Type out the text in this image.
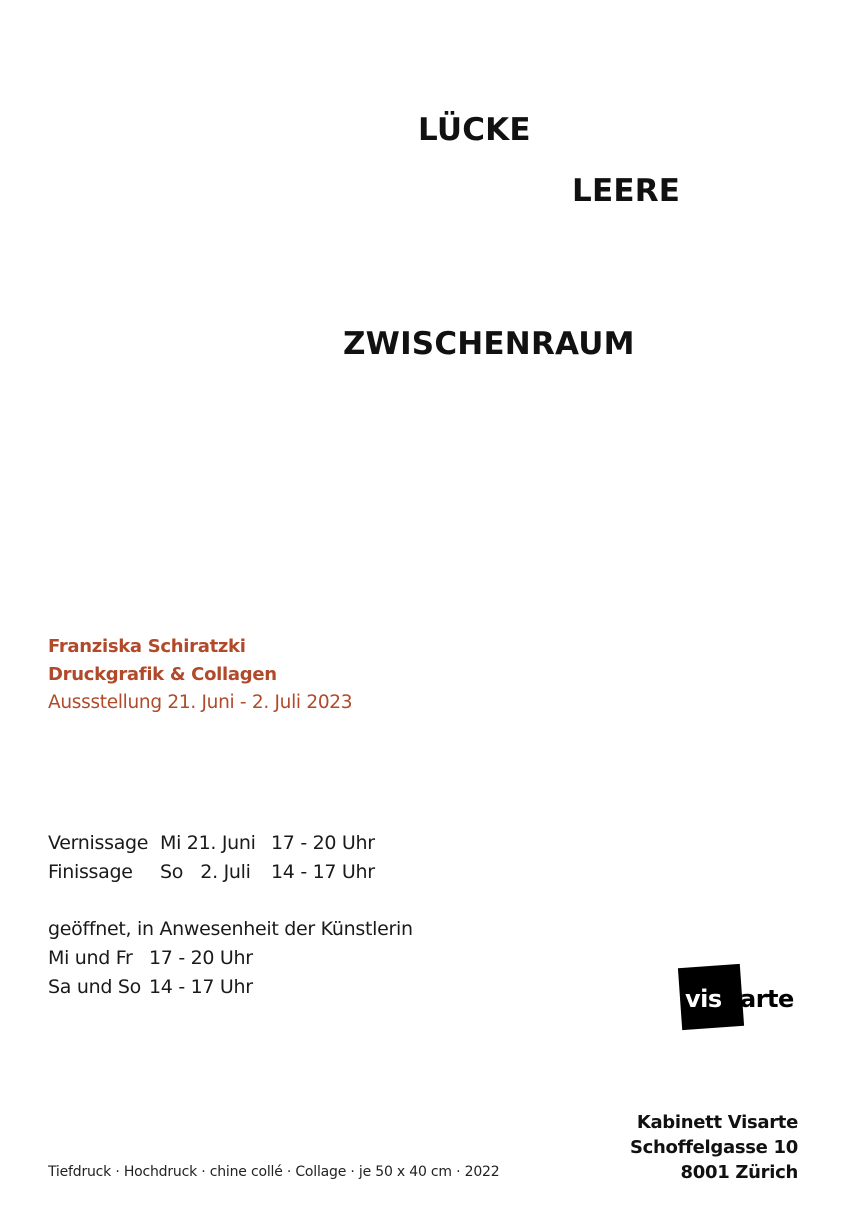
LÜCKE
LEERE
ZWISCHENRAUM
Franziska Schiratzki
Druckgrafik & Collagen
Aussstellung 21. Juni - 2. Juli 2023
Vernissage Mi 21. Juni 17 - 20 Uhr
Finissage So   2. Juli 14 - 17 Uhr
geöffnet, in Anwesenheit der Künstlerin
Mi und Fr 17 - 20 Uhr
Sa und So 14 - 17 Uhr	vis arte
Kabinett Visarte
Schoffelgasse 10
8001 Zürich
Tiefdruck · Hochdruck · chine collé · Collage · je 50 x 40 cm · 2022
